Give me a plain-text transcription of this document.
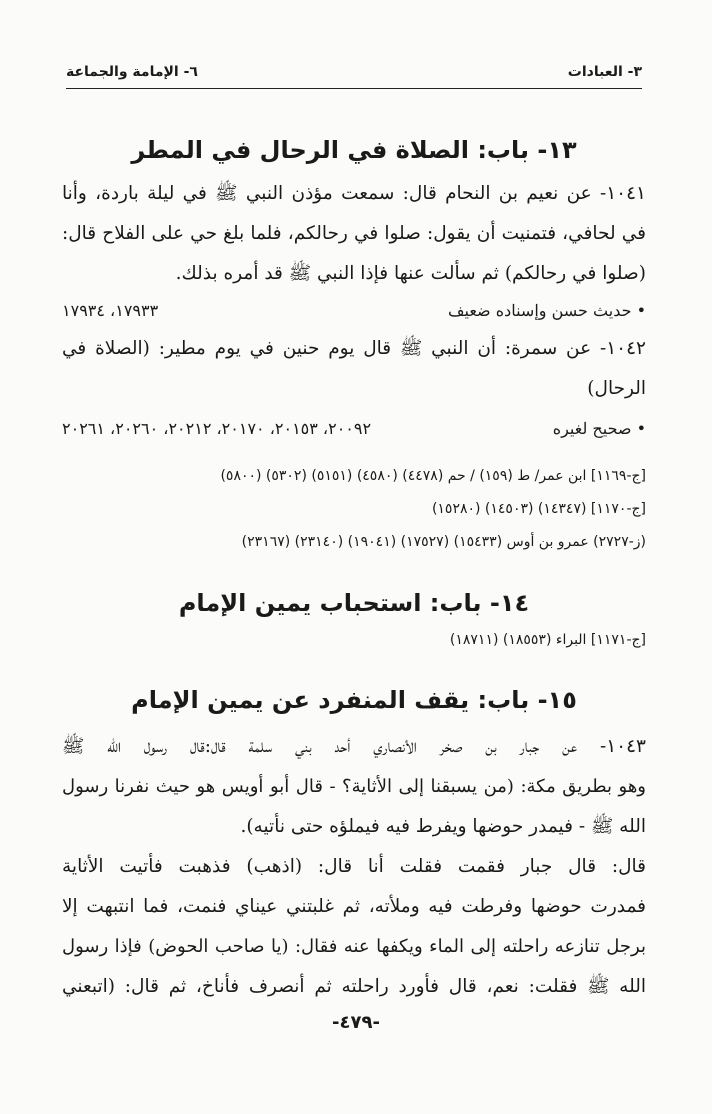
٣- العبادات
٦- الإمامة والجماعة
١٣- باب: الصلاة في الرحال في المطر
١٠٤١- عن نعيم بن النحام قال: سمعت مؤذن النبي ﷺ في ليلة باردة، وأنا
في لحافي، فتمنيت أن يقول: صلوا في رحالكم، فلما بلغ حي على الفلاح قال:
(صلوا في رحالكم) ثم سألت عنها فإذا النبي ﷺ قد أمره بذلك.
• حديث حسن وإسناده ضعيف
١٧٩٣٣، ١٧٩٣٤
١٠٤٢- عن سمرة: أن النبي ﷺ قال يوم حنين في يوم مطير: (الصلاة في
الرحال)
• صحيح لغيره
٢٠٠٩٢، ٢٠١٥٣، ٢٠١٧٠، ٢٠٢١٢، ٢٠٢٦٠، ٢٠٢٦١
[ج-١١٦٩] ابن عمر/ ط (١٥٩) / حم (٤٤٧٨) (٤٥٨٠) (٥١٥١) (٥٣٠٢) (٥٨٠٠)
[ج-١١٧٠] (١٤٣٤٧) (١٤٥٠٣) (١٥٢٨٠)
(ز-٢٧٢٧) عمرو بن أوس (١٥٤٣٣) (١٧٥٢٧) (١٩٠٤١) (٢٣١٤٠) (٢٣١٦٧)
١٤- باب: استحباب يمين الإمام
[ج-١١٧١] البراء (١٨٥٥٣) (١٨٧١١)
١٥- باب: يقف المنفرد عن يمين الإمام
١٠٤٣- عن جبار بن صخر الأنصاري أحد بني سلمة قال:قال رسول الله ﷺ
وهو بطريق مكة: (من يسبقنا إلى الأثاية؟ - قال أبو أويس هو حيث نفرنا رسول
الله ﷺ - فيمدر حوضها ويفرط فيه فيملؤه حتى نأتيه).
قال: قال جبار فقمت فقلت أنا قال: (اذهب) فذهبت فأتيت الأثاية
فمدرت حوضها وفرطت فيه وملأته، ثم غلبتني عيناي فنمت، فما انتبهت إلا
برجل تنازعه راحلته إلى الماء ويكفها عنه فقال: (يا صاحب الحوض) فإذا رسول
الله ﷺ فقلت: نعم، قال فأورد راحلته ثم أنصرف فأناخ، ثم قال: (اتبعني
-٤٧٩-
